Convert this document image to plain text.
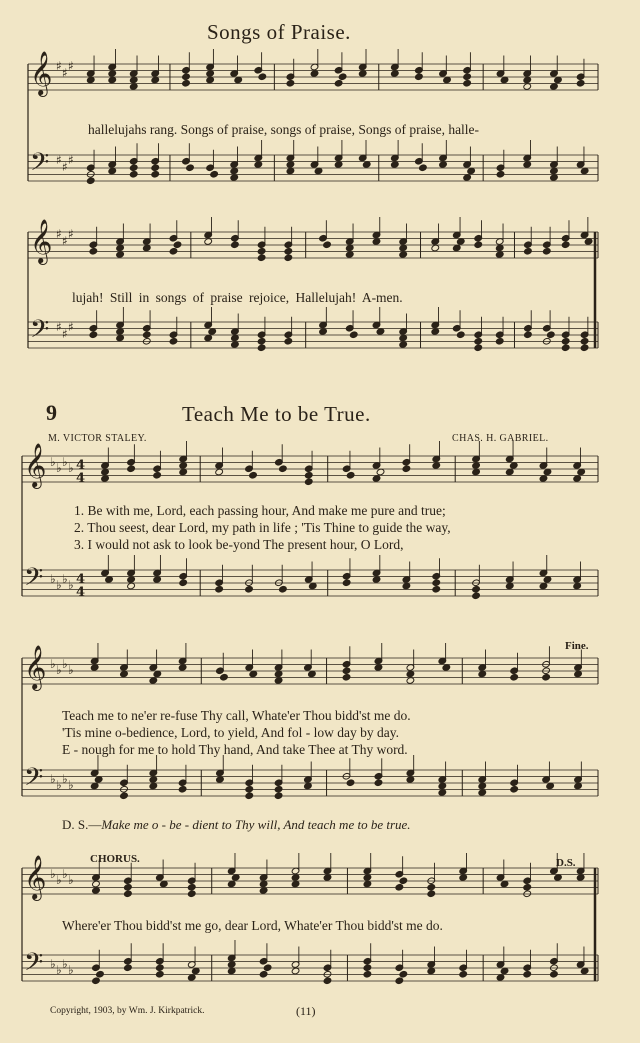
Songs of Praise.
hallelujahs rang. Songs of praise, songs of praise, Songs of praise, halle-
lujah! Still in songs of praise rejoice, Hallelujah! A-men.
9	Teach Me to be True.
M. VICTOR STALEY.	CHAS. H. GABRIEL.
1. Be with me, Lord, each passing hour, And make me pure and true;
2. Thou seest, dear Lord, my path in life ; 'Tis Thine to guide the way,
3. I would not ask to look be-yond The present hour, O Lord,
Fine.
Teach me to ne'er re-fuse Thy call, Whate'er Thou bidd'st me do.
'Tis mine o-bedience, Lord, to yield, And fol - low day by day.
E - nough for me to hold Thy hand, And take Thee at Thy word.
D. S.—Make me o - be - dient to Thy will, And teach me to be true.
CHORUS.	D.S.
Where'er Thou bidd'st me go, dear Lord, Whate'er Thou bidd'st me do.
Copyright, 1903, by Wm. J. Kirkpatrick.	(11)
𝄞
𝄢
♯ ♯ ♯
♯ ♯ ♯
𝄞
𝄢
♯ ♯ ♯
♯ ♯ ♯
𝄞
𝄢
♭ ♭ ♭ ♭
♭ ♭ ♭ ♭
4
4
4
4
𝄞
𝄢
♭ ♭ ♭ ♭
♭ ♭ ♭ ♭
𝄞
𝄢
♭ ♭ ♭ ♭
♭ ♭ ♭ ♭
